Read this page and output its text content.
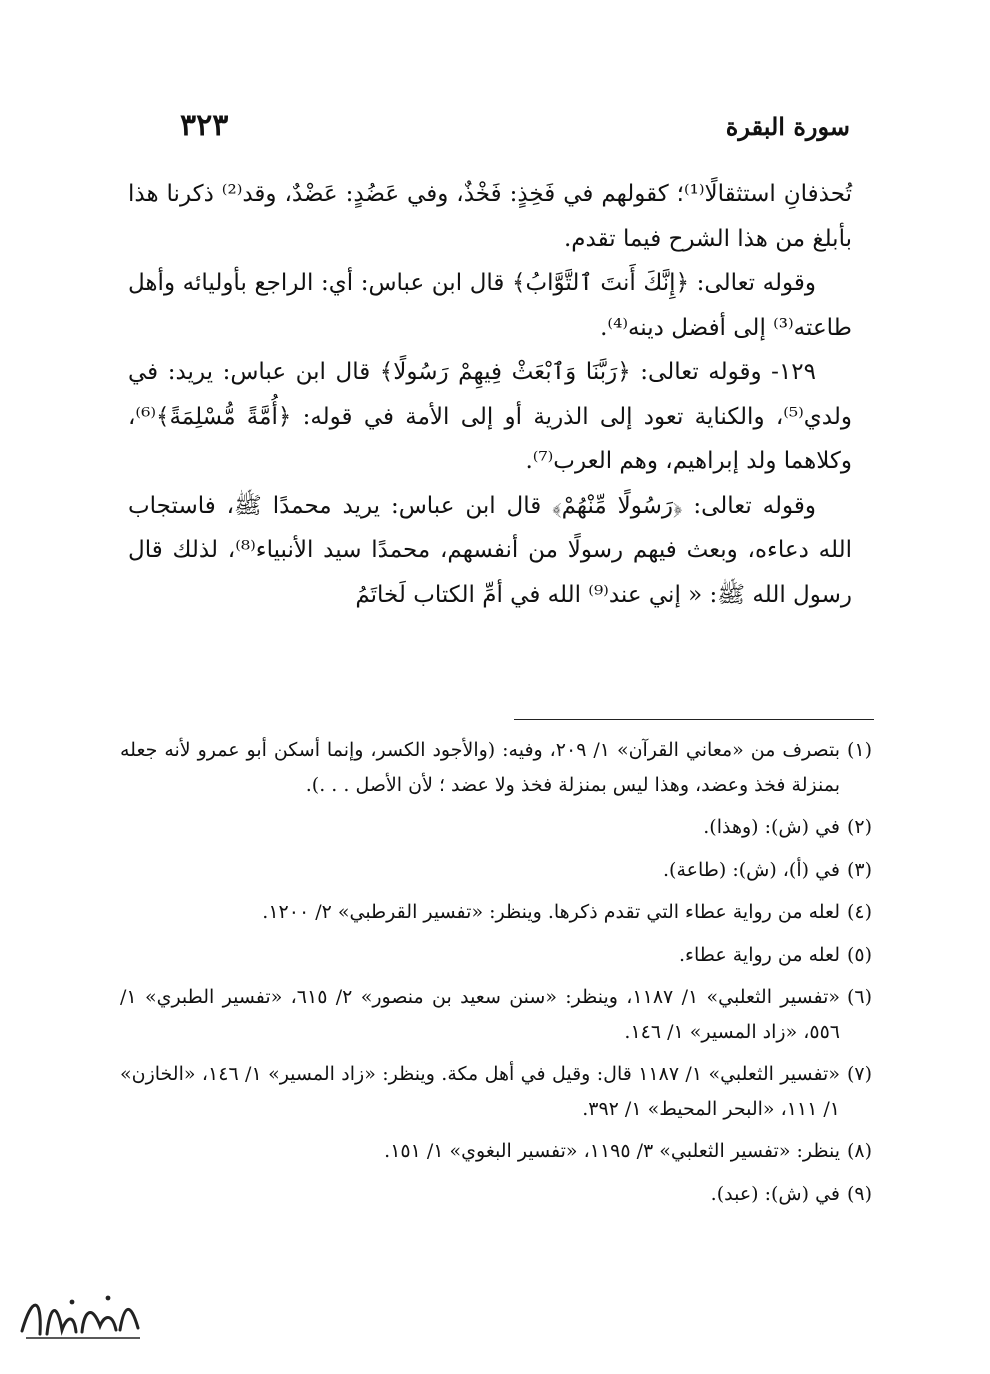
سورة البقرة
٣٢٣

تُحذفانِ استثقالًا⁽¹⁾؛ كقولهم في فَخِذٍ: فَخْذٌ، وفي عَضُدٍ: عَضْدٌ، وقد⁽²⁾ ذكرنا هذا بأبلغ من هذا الشرح فيما تقدم.

وقوله تعالى: ﴿إِنَّكَ أَنتَ ٱلتَّوَّابُ﴾ قال ابن عباس: أي: الراجع بأوليائه وأهل طاعته⁽³⁾ إلى أفضل دينه⁽⁴⁾.

١٢٩- وقوله تعالى: ﴿رَبَّنَا وَٱبْعَثْ فِيهِمْ رَسُولًا﴾ قال ابن عباس: يريد: في ولدي⁽⁵⁾، والكناية تعود إلى الذرية أو إلى الأمة في قوله: ﴿أُمَّةً مُّسْلِمَةً﴾⁽⁶⁾، وكلاهما ولد إبراهيم، وهم العرب⁽⁷⁾.

وقوله تعالى: ﴿رَسُولًا مِّنْهُمْ﴾ قال ابن عباس: يريد محمدًا ﷺ، فاستجاب الله دعاءه، وبعث فيهم رسولًا من أنفسهم، محمدًا سيد الأنبياء⁽⁸⁾، لذلك قال رسول الله ﷺ: « إني عند⁽⁹⁾ الله في أمِّ الكتاب لَخاتَمُ

(١)
بتصرف من «معاني القرآن» ١/ ٢٠٩، وفيه: (والأجود الكسر، وإنما أسكن أبو عمرو لأنه جعله بمنزلة فخذ وعضد، وهذا ليس بمنزلة فخذ ولا عضد ؛ لأن الأصل . . .).
(٢)
في (ش): (وهذا).
(٣)
في (أ)، (ش): (طاعة).
(٤)
لعله من رواية عطاء التي تقدم ذكرها. وينظر: «تفسير القرطبي» ٢/ ١٢٠٠.
(٥)
لعله من رواية عطاء.
(٦)
«تفسير الثعلبي» ١/ ١١٨٧، وينظر: «سنن سعيد بن منصور» ٢/ ٦١٥، «تفسير الطبري» ١/ ٥٥٦، «زاد المسير» ١/ ١٤٦.
(٧)
«تفسير الثعلبي» ١/ ١١٨٧ قال: وقيل في أهل مكة. وينظر: «زاد المسير» ١/ ١٤٦، «الخازن» ١/ ١١١، «البحر المحيط» ١/ ٣٩٢.
(٨)
ينظر: «تفسير الثعلبي» ٣/ ١١٩٥، «تفسير البغوي» ١/ ١٥١.
(٩)
في (ش): (عبد).
